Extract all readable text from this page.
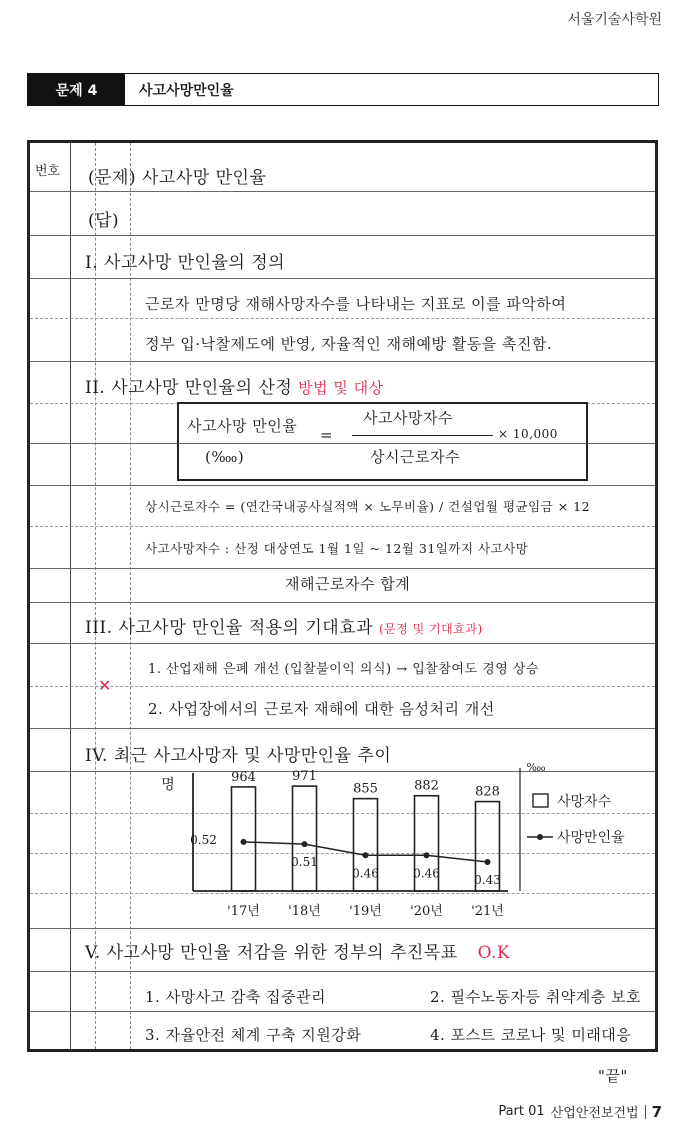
서울기술사학원
문제 4	사고사망만인율
번호 (문제) 사고사망 만인율
(답)
I. 사고사망 만인율의 정의
근로자 만명당 재해사망자수를 나타내는 지표로 이를 파악하여
정부 입·낙찰제도에 반영, 자율적인 재해예방 활동을 촉진함.
II. 사고사망 만인율의 산정 방법 및 대상
사고사망 만인율
(‱)
=
사고사망자수
상시근로자수
× 10,000
상시근로자수 = (연간국내공사실적액 × 노무비율) / 건설업월 평균임금 × 12
사고사망자수 : 산정 대상연도 1월 1일 ~ 12월 31일까지 사고사망
재해근로자수 합계
III. 사고사망 만인율 적용의 기대효과 (문정 및 기대효과)
✕
1. 산업재해 은폐 개선 (입찰불이익 의식) → 입찰참여도 경영 상승
2. 사업장에서의 근로자 재해에 대한 음성처리 개선
IV. 최근 사고사망자 및 사망만인율 추이
명
‱
964
'17년
971
'18년
855
'19년
882
'20년
828
'21년
0.52
0.51
0.46	0.46	0.43
사망자수
사망만인율
V. 사고사망 만인율 저감을 위한 정부의 추진목표 O.K
1. 사망사고 감축 집중관리	2. 필수노동자등 취약계층 보호
3. 자율안전 체계 구축 지원강화	4. 포스트 코로나 및 미래대응
"끝"
Part 01 산업안전보건법 7
